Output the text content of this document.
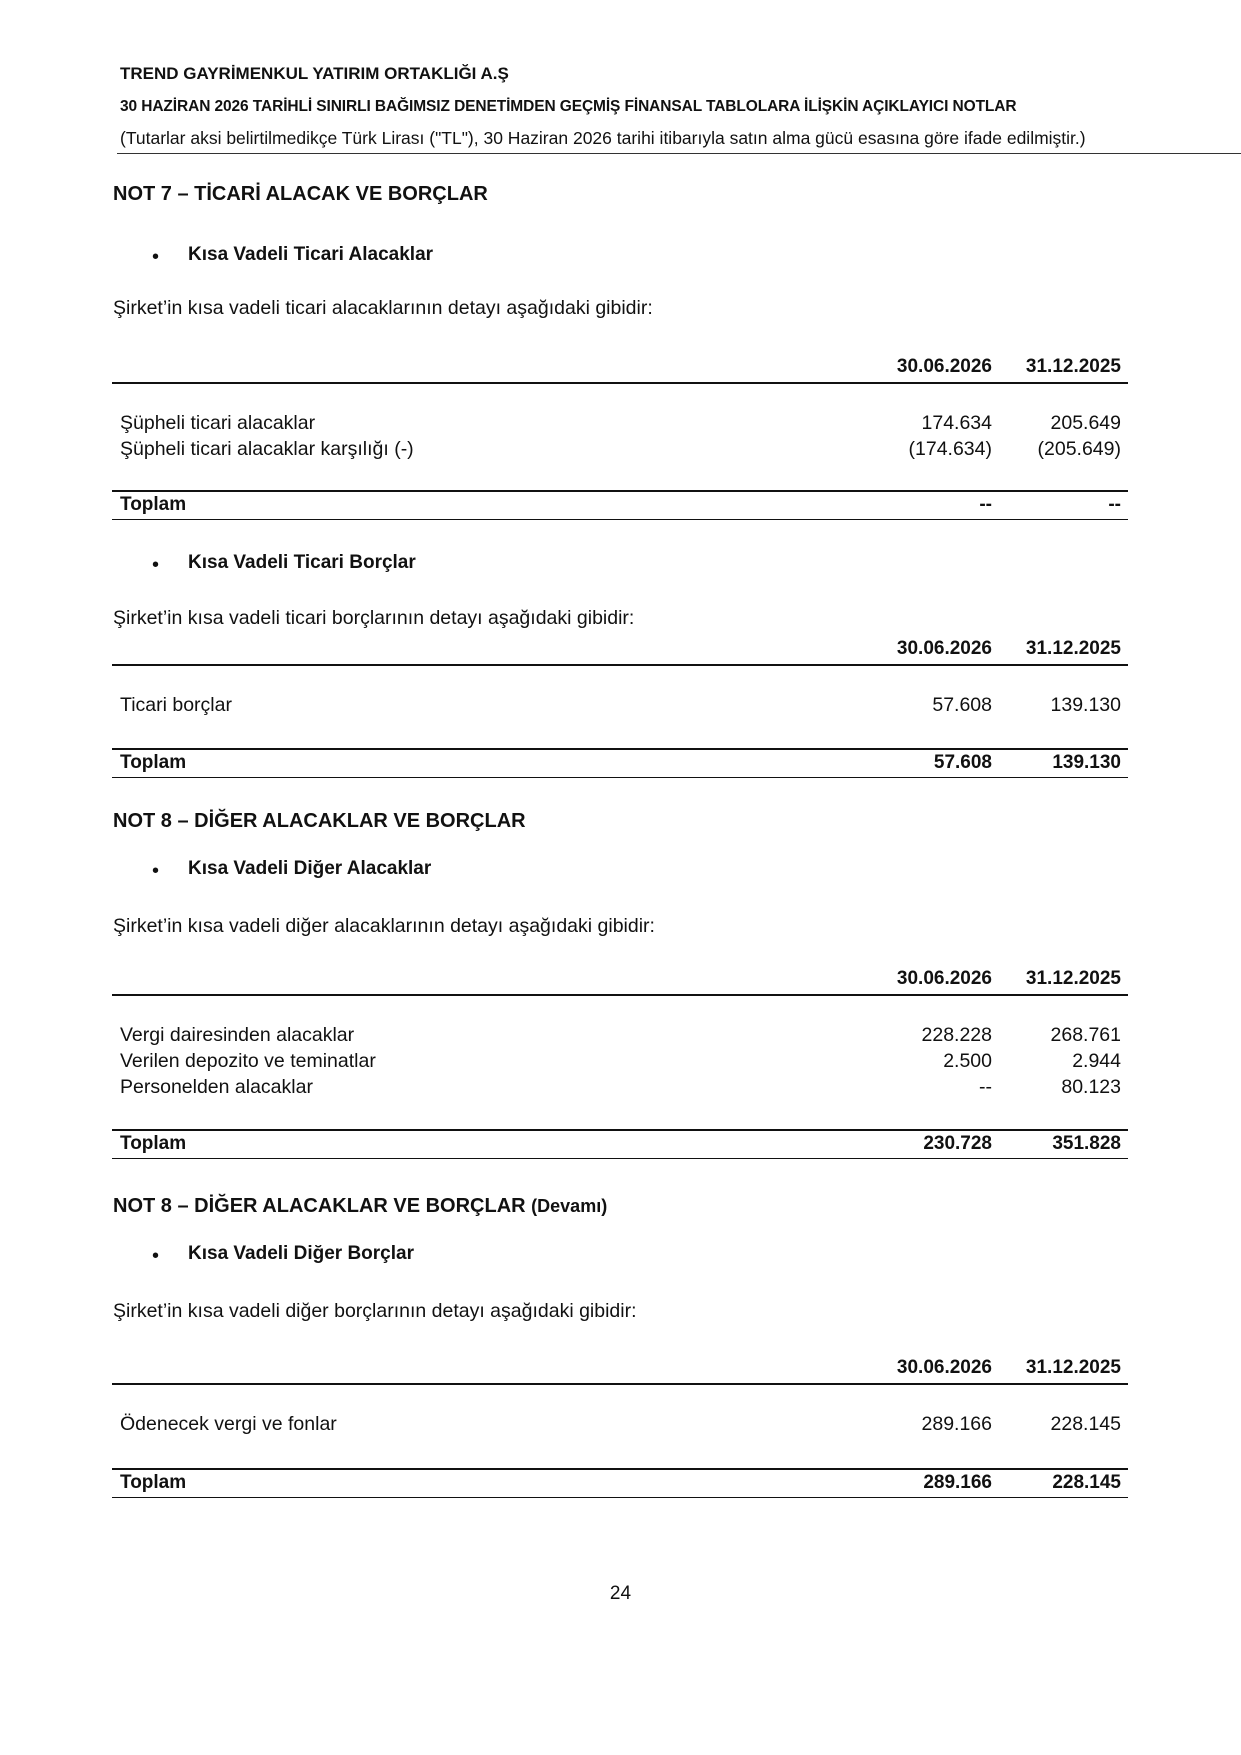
TREND GAYRİMENKUL YATIRIM ORTAKLIĞI A.Ş
30 HAZİRAN 2026 TARİHLİ SINIRLI BAĞIMSIZ DENETİMDEN GEÇMİŞ FİNANSAL TABLOLARA İLİŞKİN AÇIKLAYICI NOTLAR
(Tutarlar aksi belirtilmedikçe Türk Lirası ("TL"), 30 Haziran 2026 tarihi itibarıyla satın alma gücü esasına göre ifade edilmiştir.)
NOT 7 – TİCARİ ALACAK VE BORÇLAR
• Kısa Vadeli Ticari Alacaklar
Şirket’in kısa vadeli ticari alacaklarının detayı aşağıdaki gibidir:
30.06.2026	31.12.2025
Şüpheli ticari alacaklar	174.634	205.649
Şüpheli ticari alacaklar karşılığı (-)	(174.634)	(205.649)
Toplam	--	--
• Kısa Vadeli Ticari Borçlar
Şirket’in kısa vadeli ticari borçlarının detayı aşağıdaki gibidir:
30.06.2026	31.12.2025
Ticari borçlar	57.608	139.130
Toplam	57.608	139.130
NOT 8 – DİĞER ALACAKLAR VE BORÇLAR
• Kısa Vadeli Diğer Alacaklar
Şirket’in kısa vadeli diğer alacaklarının detayı aşağıdaki gibidir:
30.06.2026	31.12.2025
Vergi dairesinden alacaklar	228.228	268.761
Verilen depozito ve teminatlar	2.500	2.944
Personelden alacaklar	--	80.123
Toplam	230.728	351.828
NOT 8 – DİĞER ALACAKLAR VE BORÇLAR (Devamı)
• Kısa Vadeli Diğer Borçlar
Şirket’in kısa vadeli diğer borçlarının detayı aşağıdaki gibidir:
30.06.2026	31.12.2025
Ödenecek vergi ve fonlar	289.166	228.145
Toplam	289.166	228.145
24
